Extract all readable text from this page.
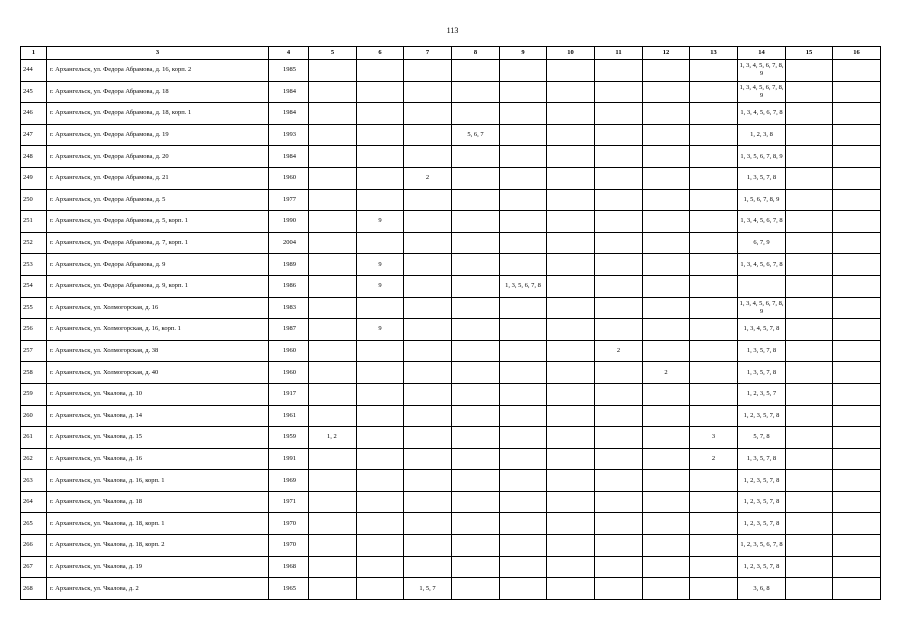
113
1	3	4	5	6	7	8	9	10	11	12	13	14	15	16
244	г. Архангельск, ул. Федора Абрамова, д. 16, корп. 2	1985										1, 3, 4, 5, 6, 7, 8, 9		
245	г. Архангельск, ул. Федора Абрамова, д. 18	1984										1, 3, 4, 5, 6, 7, 8, 9		
246	г. Архангельск, ул. Федора Абрамова, д. 18, корп. 1	1984										1, 3, 4, 5, 6, 7, 8		
247	г. Архангельск, ул. Федора Абрамова, д. 19	1993				5, 6, 7						1, 2, 3, 8		
248	г. Архангельск, ул. Федора Абрамова, д. 20	1984										1, 3, 5, 6, 7, 8, 9		
249	г. Архангельск, ул. Федора Абрамова, д. 21	1960			2							1, 3, 5, 7, 8		
250	г. Архангельск, ул. Федора Абрамова, д. 5	1977										1, 5, 6, 7, 8, 9		
251	г. Архангельск, ул. Федора Абрамова, д. 5, корп. 1	1990		9								1, 3, 4, 5, 6, 7, 8		
252	г. Архангельск, ул. Федора Абрамова, д. 7, корп. 1	2004										6, 7, 9		
253	г. Архангельск, ул. Федора Абрамова, д. 9	1989		9								1, 3, 4, 5, 6, 7, 8		
254	г. Архангельск, ул. Федора Абрамова, д. 9, корп. 1	1986		9			1, 3, 5, 6, 7, 8							
255	г. Архангельск, ул. Холмогорская, д. 16	1983										1, 3, 4, 5, 6, 7, 8, 9		
256	г. Архангельск, ул. Холмогорская, д. 16, корп. 1	1987		9								1, 3, 4, 5, 7, 8		
257	г. Архангельск, ул. Холмогорская, д. 38	1960							2			1, 3, 5, 7, 8		
258	г. Архангельск, ул. Холмогорская, д. 40	1960								2		1, 3, 5, 7, 8		
259	г. Архангельск, ул. Чкалова, д. 10	1917										1, 2, 3, 5, 7		
260	г. Архангельск, ул. Чкалова, д. 14	1961										1, 2, 3, 5, 7, 8		
261	г. Архангельск, ул. Чкалова, д. 15	1959	1, 2								3	5, 7, 8		
262	г. Архангельск, ул. Чкалова, д. 16	1991									2	1, 3, 5, 7, 8		
263	г. Архангельск, ул. Чкалова, д. 16, корп. 1	1969										1, 2, 3, 5, 7, 8		
264	г. Архангельск, ул. Чкалова, д. 18	1971										1, 2, 3, 5, 7, 8		
265	г. Архангельск, ул. Чкалова, д. 18, корп. 1	1970										1, 2, 3, 5, 7, 8		
266	г. Архангельск, ул. Чкалова, д. 18, корп. 2	1970										1, 2, 3, 5, 6, 7, 8		
267	г. Архангельск, ул. Чкалова, д. 19	1968										1, 2, 3, 5, 7, 8		
268	г. Архангельск, ул. Чкалова, д. 2	1965			1, 5, 7							3, 6, 8		
